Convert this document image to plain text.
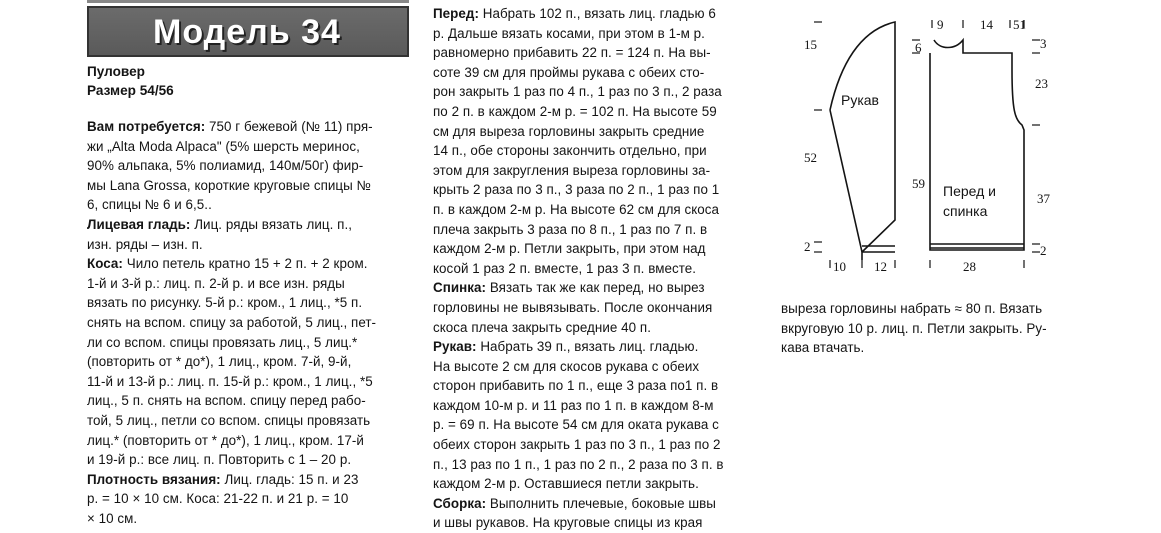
Модель 34
Пуловер
Размер 54/56

Вам потребуется: 750 г бежевой (№ 11) пря-
жи „Alta Moda Alpaca" (5% шерсть меринос,
90% альпака, 5% полиамид, 140м/50г) фир-
мы Lana Grossa, короткие круговые спицы №
6, спицы № 6 и 6,5..

Лицевая гладь: Лиц. ряды вязать лиц. п.,
изн. ряды – изн. п.

Коса: Чило петель кратно 15 + 2 п. + 2 кром.
1-й и 3-й р.: лиц. п. 2-й р. и все изн. ряды
вязать по рисунку. 5-й р.: кром., 1 лиц., *5 п.
снять на вспом. спицу за работой, 5 лиц., пет-
ли со вспом. спицы провязать лиц., 5 лиц.*
(повторить от * до*), 1 лиц., кром. 7-й, 9-й,
11-й и 13-й р.: лиц. п. 15-й р.: кром., 1 лиц., *5
лиц., 5 п. снять на вспом. спицу перед рабо-
той, 5 лиц., петли со вспом. спицы провязать
лиц.* (повторить от * до*), 1 лиц., кром. 17-й
и 19-й р.: все лиц. п. Повторить с 1 – 20 р.

Плотность вязания: Лиц. гладь: 15 п. и 23
р. = 10 × 10 см. Коса: 21-22 п. и 21 р. = 10
× 10 см.

Перед: Набрать 102 п., вязать лиц. гладью 6
р. Дальше вязать косами, при этом в 1-м р.
равномерно прибавить 22 п. = 124 п. На вы-
соте 39 см для проймы рукава с обеих сто-
рон закрыть 1 раз по 4 п., 1 раз по 3 п., 2 раза
по 2 п. в каждом 2-м р. = 102 п. На высоте 59
см для выреза горловины закрыть средние
14 п., обе стороны закончить отдельно, при
этом для закругления выреза горловины за-
крыть 2 раза по 3 п., 3 раза по 2 п., 1 раз по 1
п. в каждом 2-м р. На высоте 62 см для скоса
плеча закрыть 3 раза по 8 п., 1 раз по 7 п. в
каждом 2-м р. Петли закрыть, при этом над
косой 1 раз 2 п. вместе, 1 раз 3 п. вместе.

Спинка: Вязать так же как перед, но вырез
горловины не вывязывать. После окончания
скоса плеча закрыть средние 40 п.

Рукав: Набрать 39 п., вязать лиц. гладью.
На высоте 2 см для скосов рукава с обеих
сторон прибавить по 1 п., еще 3 раза по1 п. в
каждом 10-м р. и 11 раз по 1 п. в каждом 8-м
р. = 69 п. На высоте 54 см для оката рукава с
обеих сторон закрыть 1 раз по 3 п., 1 раз по 2
п., 13 раз по 1 п., 1 раз по 2 п., 2 раза по 3 п. в
каждом 2-м р. Оставшиеся петли закрыть.

Сборка: Выполнить плечевые, боковые швы
и швы рукавов. На круговые спицы из края

выреза горловины набрать ≈ 80 п. Вязать
вкруговую 10 р. лиц. п. Петли закрыть. Ру-
кава втачать.

15
52
2
10 12
9	14 51
6	3
23
59
37
2
28
Рукав
Перед и
спинка
